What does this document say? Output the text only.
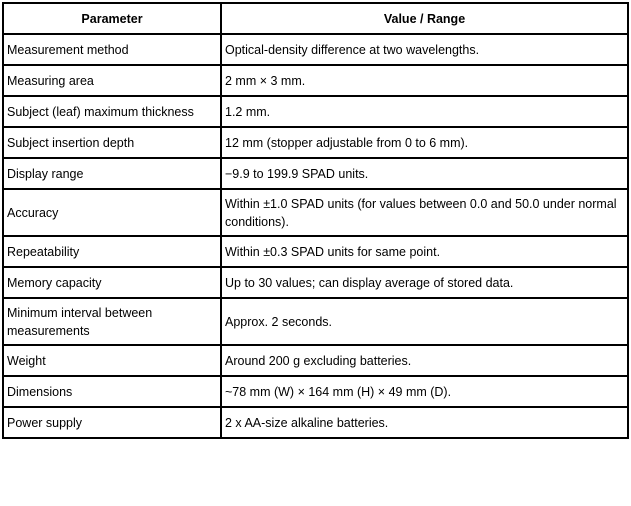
Parameter	Value / Range
Measurement method	Optical-density difference at two wavelengths.
Measuring area	2 mm × 3 mm.
Subject (leaf) maximum thickness	1.2 mm.
Subject insertion depth	12 mm (stopper adjustable from 0 to 6 mm).
Display range	−9.9 to 199.9 SPAD units.
Accuracy	Within ±1.0 SPAD units (for values between 0.0 and 50.0 under normal conditions).
Repeatability	Within ±0.3 SPAD units for same point.
Memory capacity	Up to 30 values; can display average of stored data.
Minimum interval between measurements	Approx. 2 seconds.
Weight	Around 200 g excluding batteries.
Dimensions	~78 mm (W) × 164 mm (H) × 49 mm (D).
Power supply	2 x AA-size alkaline batteries.
